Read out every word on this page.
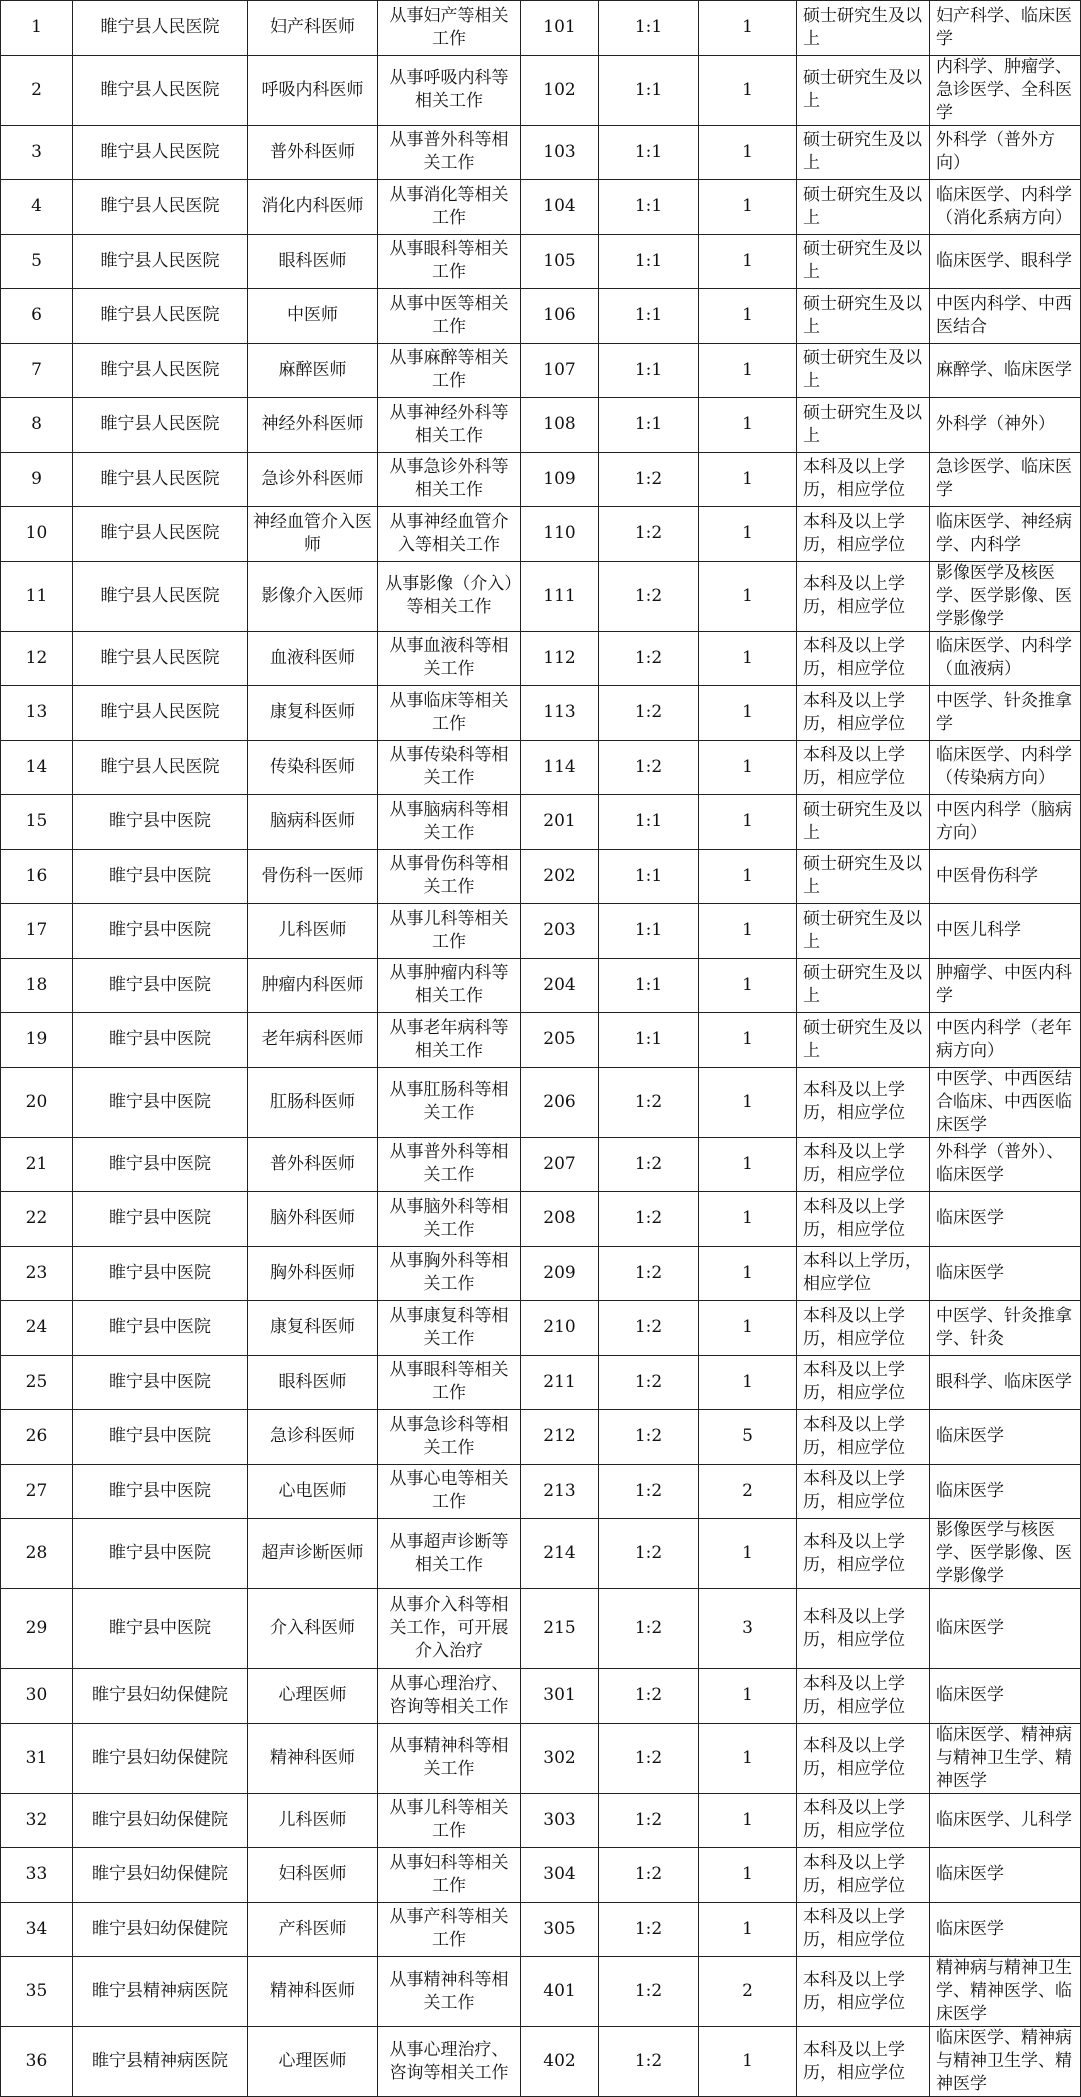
1	睢宁县人民医院	妇产科医师	从事妇产等相关工作	101	1:1	1	硕士研究生及以上	妇产科学、临床医学
2	睢宁县人民医院	呼吸内科医师	从事呼吸内科等相关工作	102	1:1	1	硕士研究生及以上	内科学、肿瘤学、急诊医学、全科医学
3	睢宁县人民医院	普外科医师	从事普外科等相关工作	103	1:1	1	硕士研究生及以上	外科学（普外方向）
4	睢宁县人民医院	消化内科医师	从事消化等相关工作	104	1:1	1	硕士研究生及以上	临床医学、内科学（消化系病方向）
5	睢宁县人民医院	眼科医师	从事眼科等相关工作	105	1:1	1	硕士研究生及以上	临床医学、眼科学
6	睢宁县人民医院	中医师	从事中医等相关工作	106	1:1	1	硕士研究生及以上	中医内科学、中西医结合
7	睢宁县人民医院	麻醉医师	从事麻醉等相关工作	107	1:1	1	硕士研究生及以上	麻醉学、临床医学
8	睢宁县人民医院	神经外科医师	从事神经外科等相关工作	108	1:1	1	硕士研究生及以上	外科学（神外）
9	睢宁县人民医院	急诊外科医师	从事急诊外科等相关工作	109	1:2	1	本科及以上学历，相应学位	急诊医学、临床医学
10	睢宁县人民医院	神经血管介入医师	从事神经血管介入等相关工作	110	1:2	1	本科及以上学历，相应学位	临床医学、神经病学、内科学
11	睢宁县人民医院	影像介入医师	从事影像（介入）等相关工作	111	1:2	1	本科及以上学历，相应学位	影像医学及核医学、医学影像、医学影像学
12	睢宁县人民医院	血液科医师	从事血液科等相关工作	112	1:2	1	本科及以上学历，相应学位	临床医学、内科学（血液病）
13	睢宁县人民医院	康复科医师	从事临床等相关工作	113	1:2	1	本科及以上学历，相应学位	中医学、针灸推拿学
14	睢宁县人民医院	传染科医师	从事传染科等相关工作	114	1:2	1	本科及以上学历，相应学位	临床医学、内科学（传染病方向）
15	睢宁县中医院	脑病科医师	从事脑病科等相关工作	201	1:1	1	硕士研究生及以上	中医内科学（脑病方向）
16	睢宁县中医院	骨伤科一医师	从事骨伤科等相关工作	202	1:1	1	硕士研究生及以上	中医骨伤科学
17	睢宁县中医院	儿科医师	从事儿科等相关工作	203	1:1	1	硕士研究生及以上	中医儿科学
18	睢宁县中医院	肿瘤内科医师	从事肿瘤内科等相关工作	204	1:1	1	硕士研究生及以上	肿瘤学、中医内科学
19	睢宁县中医院	老年病科医师	从事老年病科等相关工作	205	1:1	1	硕士研究生及以上	中医内科学（老年病方向）
20	睢宁县中医院	肛肠科医师	从事肛肠科等相关工作	206	1:2	1	本科及以上学历，相应学位	中医学、中西医结合临床、中西医临床医学
21	睢宁县中医院	普外科医师	从事普外科等相关工作	207	1:2	1	本科及以上学历，相应学位	外科学（普外）、临床医学
22	睢宁县中医院	脑外科医师	从事脑外科等相关工作	208	1:2	1	本科及以上学历，相应学位	临床医学
23	睢宁县中医院	胸外科医师	从事胸外科等相关工作	209	1:2	1	本科以上学历，相应学位	临床医学
24	睢宁县中医院	康复科医师	从事康复科等相关工作	210	1:2	1	本科及以上学历，相应学位	中医学、针灸推拿学、针灸
25	睢宁县中医院	眼科医师	从事眼科等相关工作	211	1:2	1	本科及以上学历，相应学位	眼科学、临床医学
26	睢宁县中医院	急诊科医师	从事急诊科等相关工作	212	1:2	5	本科及以上学历，相应学位	临床医学
27	睢宁县中医院	心电医师	从事心电等相关工作	213	1:2	2	本科及以上学历，相应学位	临床医学
28	睢宁县中医院	超声诊断医师	从事超声诊断等相关工作	214	1:2	1	本科及以上学历，相应学位	影像医学与核医学、医学影像、医学影像学
29	睢宁县中医院	介入科医师	从事介入科等相关工作，可开展介入治疗	215	1:2	3	本科及以上学历，相应学位	临床医学
30	睢宁县妇幼保健院	心理医师	从事心理治疗、咨询等相关工作	301	1:2	1	本科及以上学历，相应学位	临床医学
31	睢宁县妇幼保健院	精神科医师	从事精神科等相关工作	302	1:2	1	本科及以上学历，相应学位	临床医学、精神病与精神卫生学、精神医学
32	睢宁县妇幼保健院	儿科医师	从事儿科等相关工作	303	1:2	1	本科及以上学历，相应学位	临床医学、儿科学
33	睢宁县妇幼保健院	妇科医师	从事妇科等相关工作	304	1:2	1	本科及以上学历，相应学位	临床医学
34	睢宁县妇幼保健院	产科医师	从事产科等相关工作	305	1:2	1	本科及以上学历，相应学位	临床医学
35	睢宁县精神病医院	精神科医师	从事精神科等相关工作	401	1:2	2	本科及以上学历，相应学位	精神病与精神卫生学、精神医学、临床医学
36	睢宁县精神病医院	心理医师	从事心理治疗、咨询等相关工作	402	1:2	1	本科及以上学历，相应学位	临床医学、精神病与精神卫生学、精神医学
